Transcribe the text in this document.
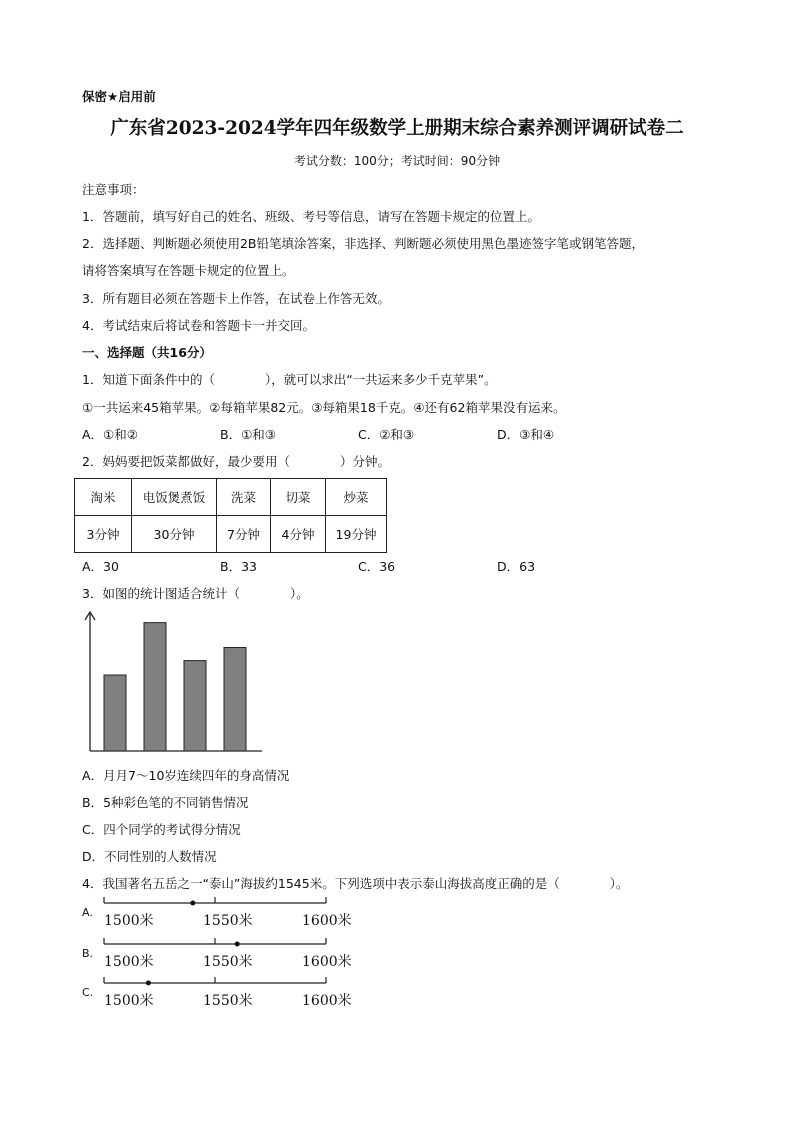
保密★启用前
广东省2023-2024学年四年级数学上册期末综合素养测评调研试卷二
考试分数：100分；考试时间：90分钟
注意事项：
1．答题前，填写好自己的姓名、班级、考号等信息，请写在答题卡规定的位置上。
2．选择题、判断题必须使用2B铅笔填涂答案，非选择、判断题必须使用黑色墨迹签字笔或钢笔答题，
请将答案填写在答题卡规定的位置上。
3．所有题目必须在答题卡上作答，在试卷上作答无效。
4．考试结束后将试卷和答题卡一并交回。
一、选择题（共16分）
1．知道下面条件中的（　　　　），就可以求出“一共运来多少千克苹果”。
①一共运来45箱苹果。②每箱苹果82元。③每箱果18千克。④还有62箱苹果没有运来。
A．①和②	B．①和③	C．②和③	D．③和④
2．妈妈要把饭菜都做好，最少要用（　　　　）分钟。
淘米	电饭煲煮饭	洗菜	切菜	炒菜
3分钟	30分钟	7分钟	4分钟	19分钟
A．30	B．33	C．36	D．63
3．如图的统计图适合统计（　　　　）。
A．月月7～10岁连续四年的身高情况
B．5种彩色笔的不同销售情况
C．四个同学的考试得分情况
D．不同性别的人数情况
4．我国著名五岳之一“泰山”海拔约1545米。下列选项中表示泰山海拔高度正确的是（　　　　）。
A.
1500米	1550米	1600米
B.
1500米	1550米	1600米
C.
1500米	1550米	1600米
